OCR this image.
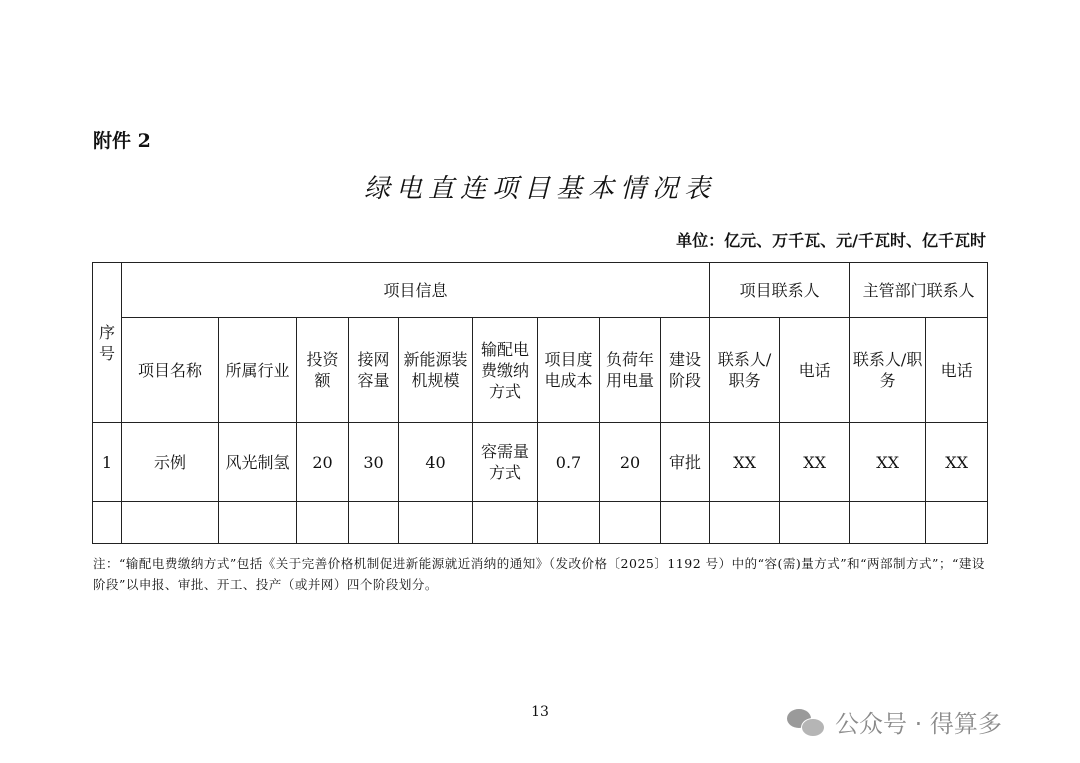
附件 2
绿电直连项目基本情况表
单位：亿元、万千瓦、元/千瓦时、亿千瓦时
序号	项目信息									项目联系人		主管部门联系人	
	项目名称	所属行业	投资额	接网容量	新能源装机规模	输配电费缴纳方式	项目度电成本	负荷年用电量	建设阶段	联系人/职务	电话	联系人/职务	电话
1	示例	风光制氢	20	30	40	容需量方式	0.7	20	审批	XX	XX	XX	XX

注：“输配电费缴纳方式”包括《关于完善价格机制促进新能源就近消纳的通知》（发改价格〔2025〕1192 号）中的“容(需)量方式”和“两部制方式”；“建设阶段”以申报、审批、开工、投产（或并网）四个阶段划分。
13	公众号 · 得算多
